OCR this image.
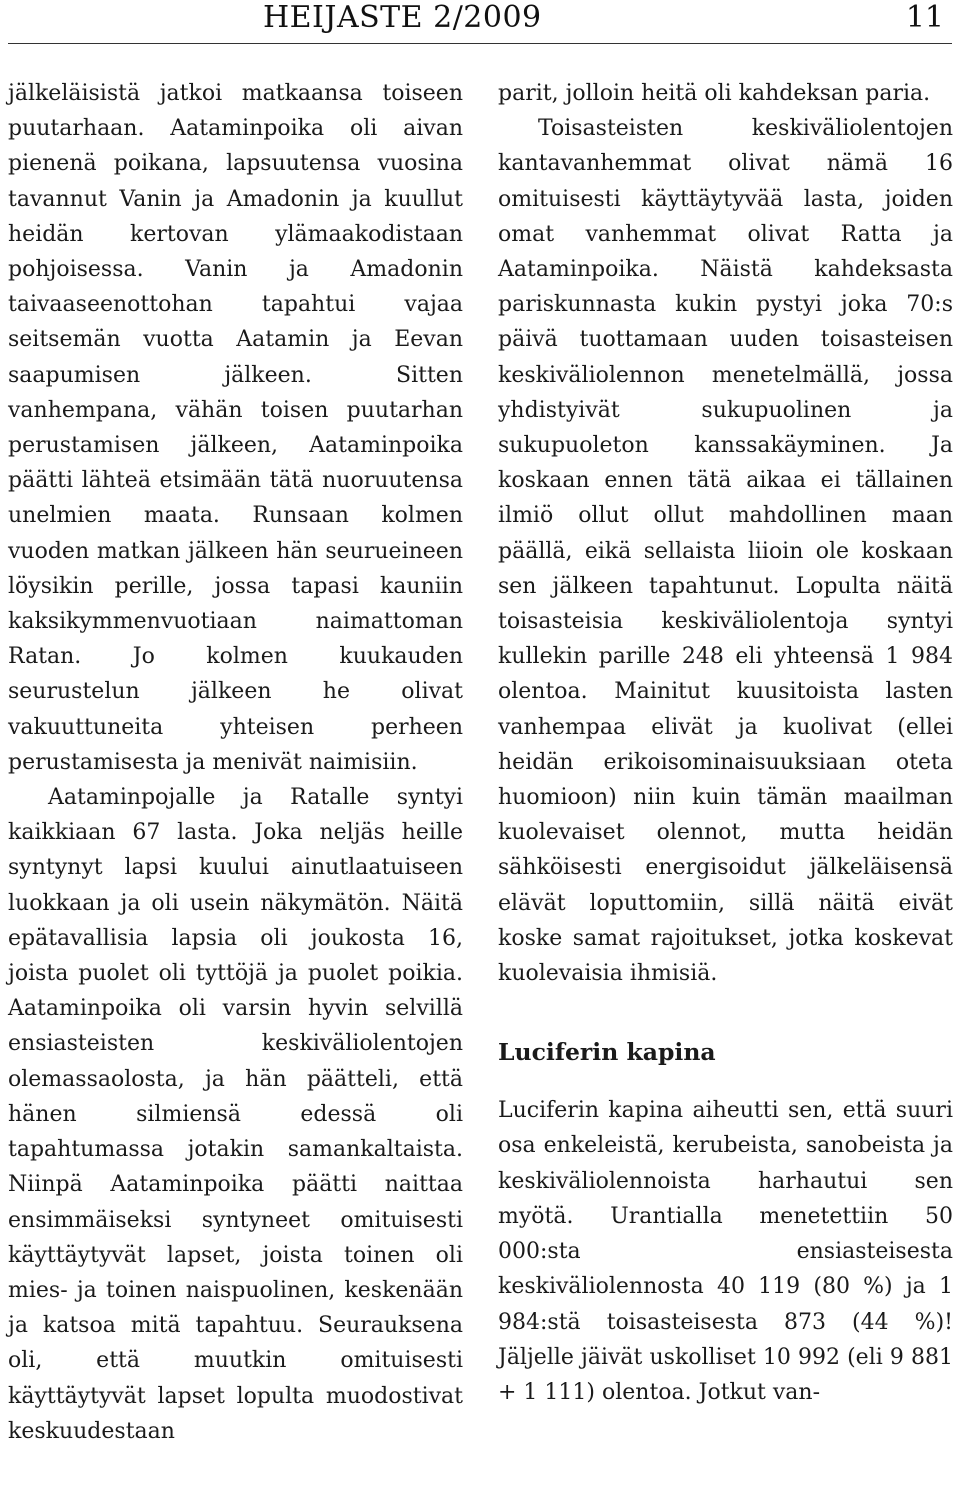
HEIJASTE 2/2009	11

jälkeläisistä jatkoi matkaansa toiseen puutarhaan. Aataminpoika oli aivan pienenä poikana, lapsuutensa vuosina tavannut Vanin ja Amadonin ja kuullut heidän kertovan ylämaakodistaan pohjoisessa. Vanin ja Amadonin taivaaseenottohan tapahtui vajaa seitsemän vuotta Aatamin ja Eevan saapumisen jälkeen. Sitten vanhempana, vähän toisen puutarhan perustamisen jälkeen, Aataminpoika päätti lähteä etsimään tätä nuoruutensa unelmien maata. Runsaan kolmen vuoden matkan jälkeen hän seurueineen löysikin perille, jossa tapasi kauniin kaksikymmenvuotiaan naimattoman Ratan. Jo kolmen kuukauden seurustelun jälkeen he olivat vakuuttuneita yhteisen perheen perustamisesta ja menivät naimisiin.

Aataminpojalle ja Ratalle syntyi kaikkiaan 67 lasta. Joka neljäs heille syntynyt lapsi kuului ainutlaatuiseen luokkaan ja oli usein näkymätön. Näitä epätavallisia lapsia oli joukosta 16, joista puolet oli tyttöjä ja puolet poikia. Aataminpoika oli varsin hyvin selvillä ensiasteisten keskiväliolentojen olemassaolosta, ja hän päätteli, että hänen silmiensä edessä oli tapahtumassa jotakin samankaltaista. Niinpä Aataminpoika päätti naittaa ensimmäiseksi syntyneet omituisesti käyttäytyvät lapset, joista toinen oli mies- ja toinen naispuolinen, keskenään ja katsoa mitä tapahtuu. Seurauksena oli, että muutkin omituisesti käyttäytyvät lapset lopulta muodostivat keskuudestaan

parit, jolloin heitä oli kahdeksan paria.

Toisasteisten keskiväliolentojen kantavanhemmat olivat nämä 16 omituisesti käyttäytyvää lasta, joiden omat vanhemmat olivat Ratta ja Aataminpoika. Näistä kahdeksasta pariskunnasta kukin pystyi joka 70:s päivä tuottamaan uuden toisasteisen keskiväliolennon menetelmällä, jossa yhdistyivät sukupuolinen ja sukupuoleton kanssakäyminen. Ja koskaan ennen tätä aikaa ei tällainen ilmiö ollut ollut mahdollinen maan päällä, eikä sellaista liioin ole koskaan sen jälkeen tapahtunut. Lopulta näitä toisasteisia keskiväliolentoja syntyi kullekin parille 248 eli yhteensä 1 984 olentoa. Mainitut kuusitoista lasten vanhempaa elivät ja kuolivat (ellei heidän erikoisominaisuuksiaan oteta huomioon) niin kuin tämän maailman kuolevaiset olennot, mutta heidän sähköisesti energisoidut jälkeläisensä elävät loputtomiin, sillä näitä eivät koske samat rajoitukset, jotka koskevat kuolevaisia ihmisiä.

Luciferin kapina

Luciferin kapina aiheutti sen, että suuri osa enkeleistä, kerubeista, sanobeista ja keskiväliolennoista harhautui sen myötä. Urantialla menetettiin 50 000:sta ensiasteisesta keskiväliolennosta 40 119 (80 %) ja 1 984:stä toisasteisesta 873 (44 %)! Jäljelle jäivät uskolliset 10 992 (eli 9 881 + 1 111) olentoa. Jotkut van-
